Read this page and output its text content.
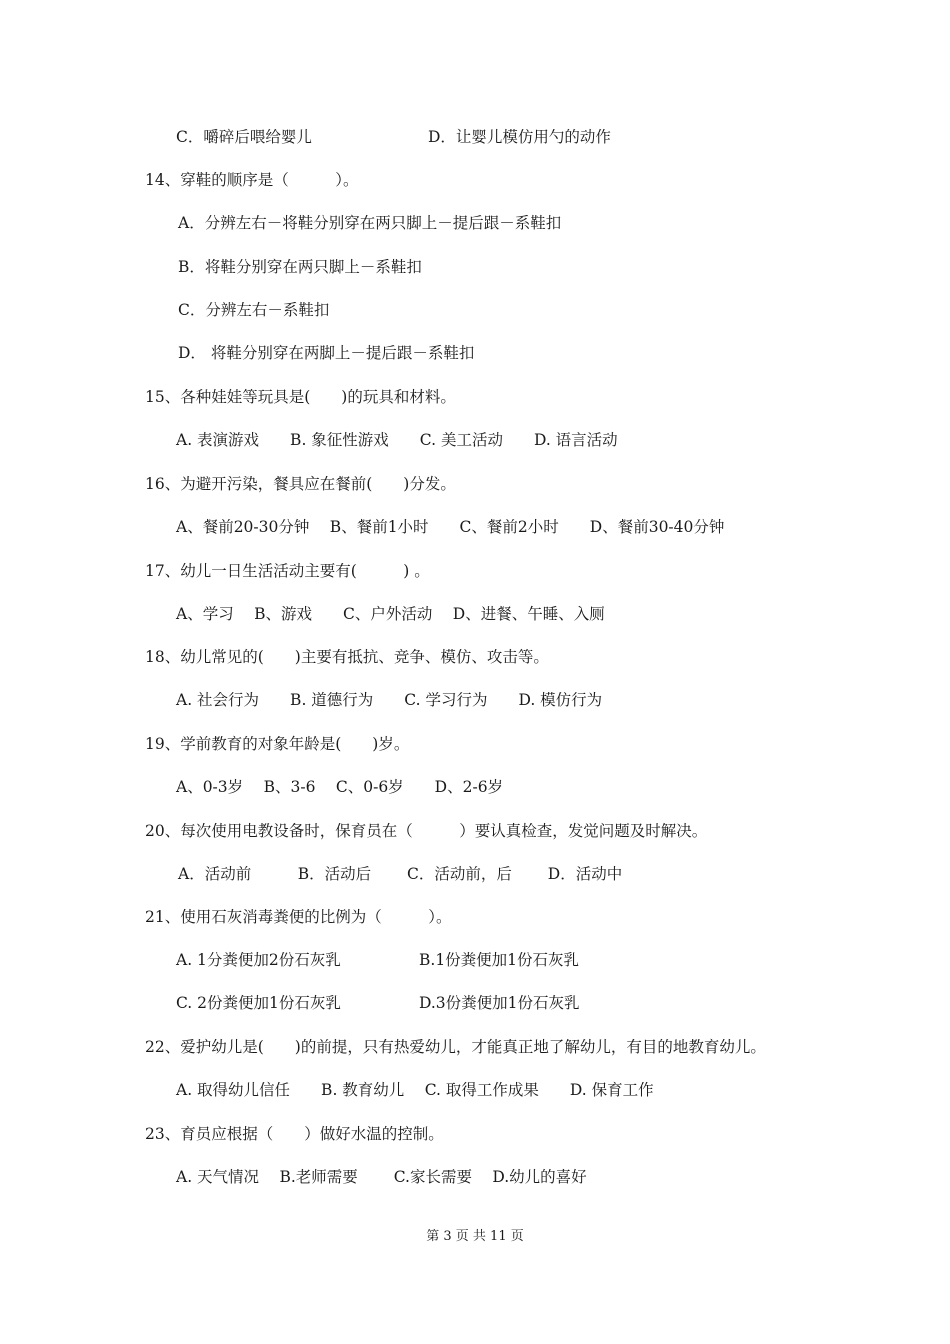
C．嚼碎后喂给婴儿	D．让婴儿模仿用勺的动作
14、穿鞋的顺序是（　　　）。
A．分辨左右－将鞋分别穿在两只脚上－提后跟－系鞋扣
B．将鞋分别穿在两只脚上－系鞋扣
C．分辨左右－系鞋扣
D． 将鞋分别穿在两脚上－提后跟－系鞋扣
15、各种娃娃等玩具是(　　)的玩具和材料。
A. 表演游戏　　B. 象征性游戏　　C. 美工活动　　D. 语言活动
16、为避开污染，餐具应在餐前(　　)分发。
A、餐前20-30分钟　 B、餐前1小时　　C、餐前2小时　　D、餐前30-40分钟
17、幼儿一日生活活动主要有(　　　) 。
A、学习　 B、游戏　　C、户外活动　 D、进餐、午睡、入厕
18、幼儿常见的(　　)主要有抵抗、竞争、模仿、攻击等。
A. 社会行为　　B. 道德行为　　C. 学习行为　　D. 模仿行为
19、学前教育的对象年龄是(　　)岁。
A、0-3岁　 B、3-6　 C、0-6岁　　D、2-6岁
20、每次使用电教设备时，保育员在（　　　）要认真检查，发觉问题及时解决。
A．活动前　　　B．活动后　　 C．活动前，后　　 D．活动中
21、使用石灰消毒粪便的比例为（　　　）。
A. 1分粪便加2份石灰乳	B.1份粪便加1份石灰乳
C. 2份粪便加1份石灰乳	D.3份粪便加1份石灰乳
22、爱护幼儿是(　　)的前提，只有热爱幼儿，才能真正地了解幼儿，有目的地教育幼儿。
A. 取得幼儿信任　　B. 教育幼儿　 C. 取得工作成果　　D. 保育工作
23、育员应根据（　　）做好水温的控制。
A. 天气情况　 B.老师需要　　 C.家长需要　 D.幼儿的喜好
第 3 页 共 11 页
